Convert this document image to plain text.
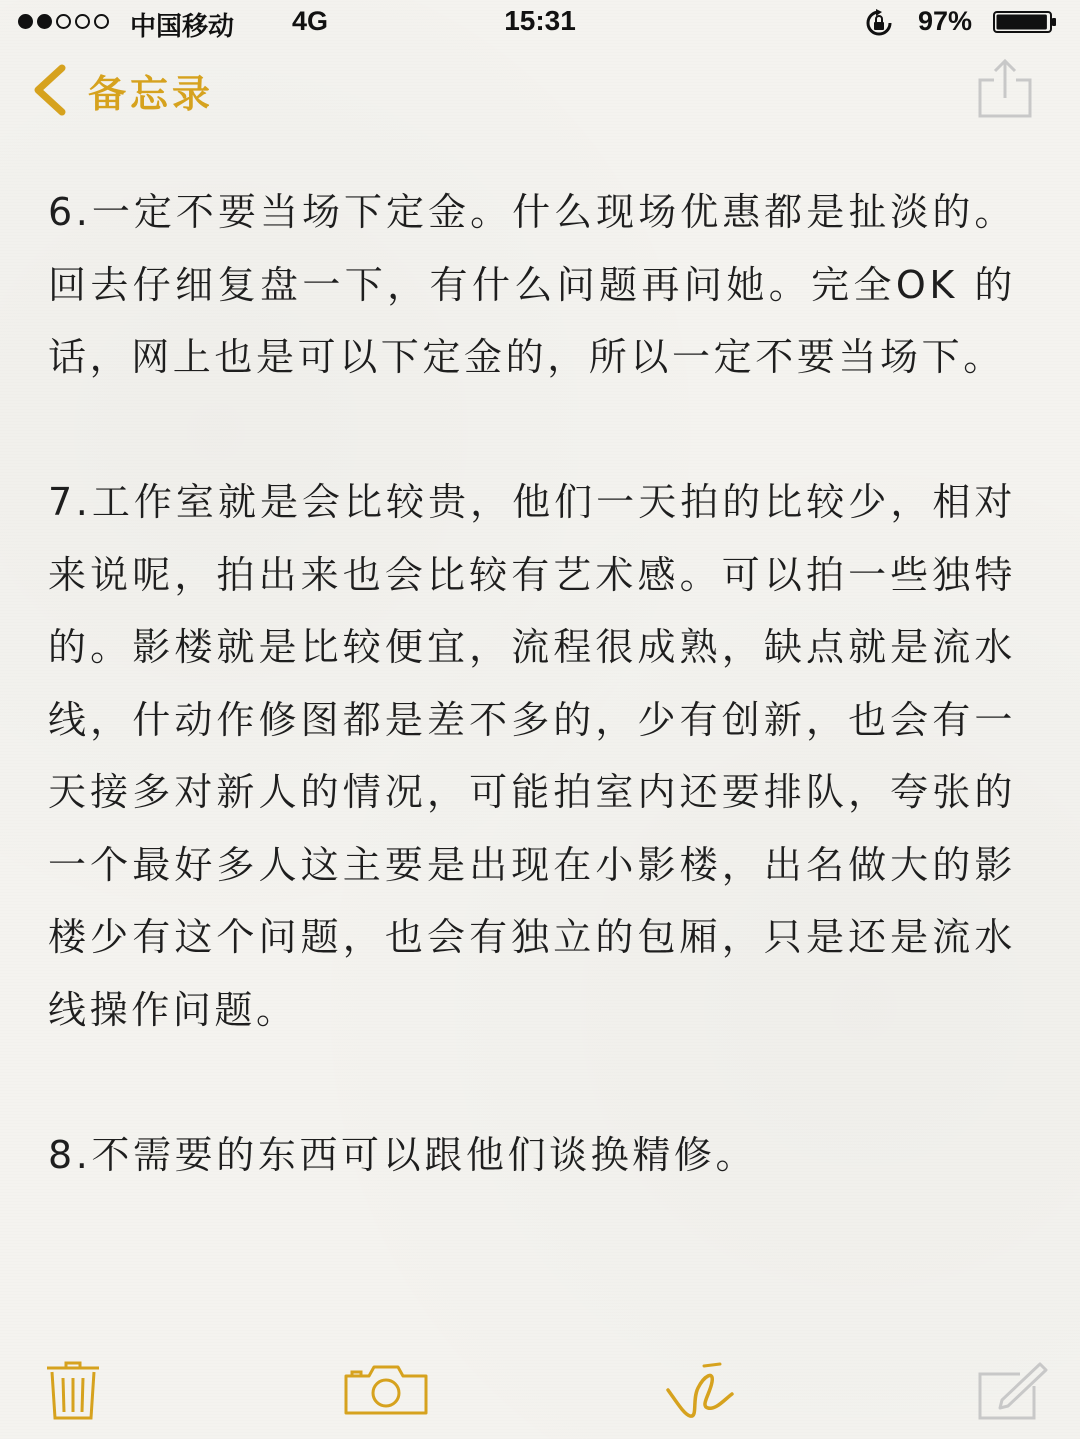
中国移动 4G	15:31	97%
备忘录

6.一定不要当场下定金。什么现场优惠都是扯淡的。回去仔细复盘一下，有什么问题再问她。完全OK 的话，网上也是可以下定金的，所以一定不要当场下。

7.工作室就是会比较贵，他们一天拍的比较少，相对来说呢，拍出来也会比较有艺术感。可以拍一些独特的。影楼就是比较便宜，流程很成熟，缺点就是流水线，什动作修图都是差不多的，少有创新，也会有一天接多对新人的情况，可能拍室内还要排队，夸张的一个最好多人这主要是出现在小影楼，出名做大的影楼少有这个问题，也会有独立的包厢，只是还是流水线操作问题。

8.不需要的东西可以跟他们谈换精修。
